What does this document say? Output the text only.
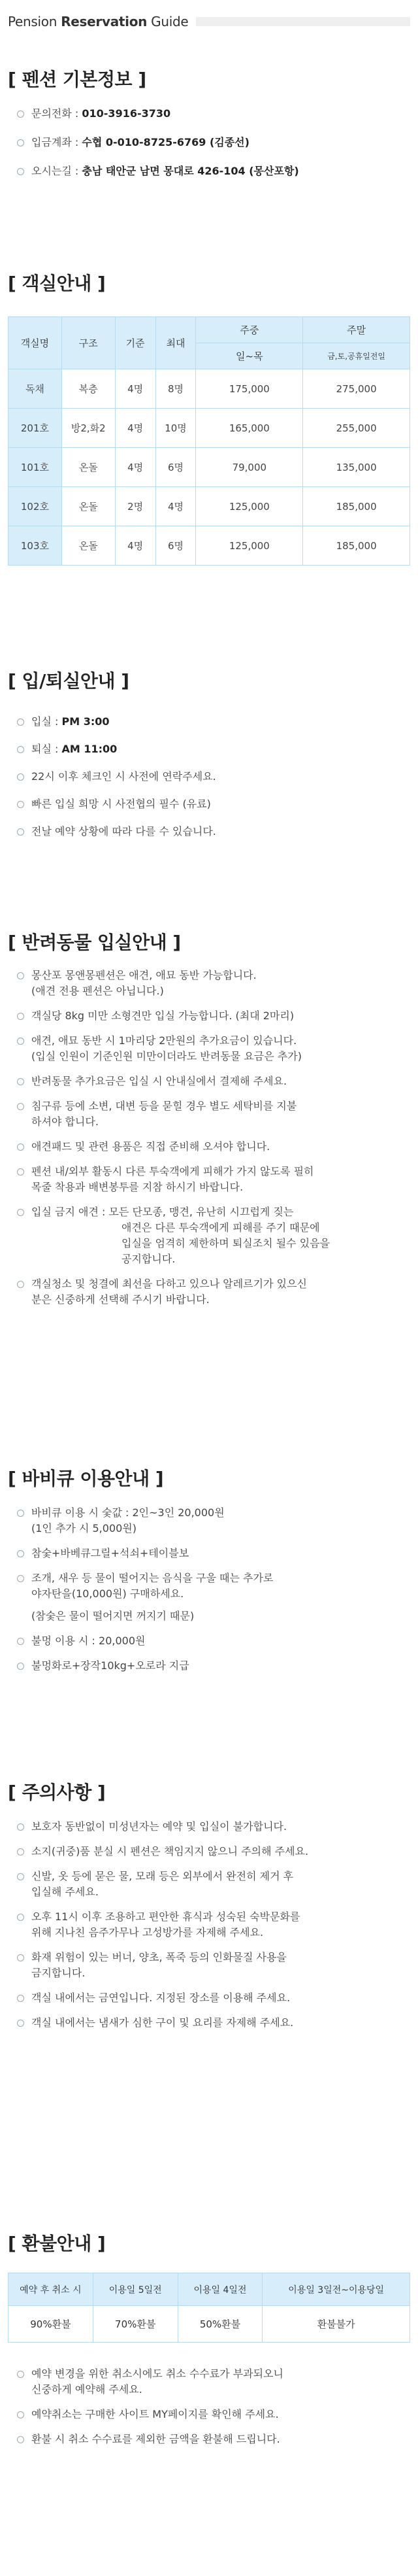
Pension Reservation Guide
[ 펜션 기본정보 ]
문의전화 : 010-3916-3730
입금계좌 : 수협 0-010-8725-6769 (김종선)
오시는길 : 충남 태안군 남면 몽대로 426-104 (몽산포항)
[ 객실안내 ]
객실명	구조	기준	최대	주중	주말
				일~목	금,토,공휴일전일
독채	복층	4명	8명	175,000	275,000
201호	방2,화2	4명	10명	165,000	255,000
101호	온돌	4명	6명	79,000	135,000
102호	온돌	2명	4명	125,000	185,000
103호	온돌	4명	6명	125,000	185,000
[ 입/퇴실안내 ]
입실 : PM 3:00
퇴실 : AM 11:00
22시 이후 체크인 시 사전에 연락주세요.
빠른 입실 희망 시 사전협의 필수 (유료)
전날 예약 상황에 따라 다를 수 있습니다.
[ 반려동물 입실안내 ]
몽산포 몽앤몽펜션은 애견, 애묘 동반 가능합니다.
(애견 전용 펜션은 아닙니다.)
객실당 8kg 미만 소형견만 입실 가능합니다. (최대 2마리)
애견, 애묘 동반 시 1마리당 2만원의 추가요금이 있습니다.
(입실 인원이 기준인원 미만이더라도 반려동물 요금은 추가)
반려동물 추가요금은 입실 시 안내실에서 결제해 주세요.
침구류 등에 소변, 대변 등을 묻힐 경우 별도 세탁비를 지불
하셔야 합니다.
애견패드 및 관련 용품은 직접 준비해 오셔야 합니다.
펜션 내/외부 활동시 다른 투숙객에게 피해가 가지 않도록 필히
목줄 착용과 배변봉투를 지참 하시기 바랍니다.
입실 금지 애견 : 모든 단모종, 맹견, 유난히 시끄럽게 짖는
애견은 다른 투숙객에게 피해를 주기 때문에
입실을 엄격히 제한하며 퇴실조치 될수 있음을
공지합니다.
객실청소 및 청결에 최선을 다하고 있으나 알레르기가 있으신
분은 신중하게 선택해 주시기 바랍니다.
[ 바비큐 이용안내 ]
바비큐 이용 시 숯값 : 2인~3인 20,000원
(1인 추가 시 5,000원)
참숯+바베큐그릴+석쇠+테이블보
조개, 새우 등 물이 떨어지는 음식을 구울 때는 추가로
야자탄을(10,000원) 구매하세요.
(참숯은 물이 떨어지면 꺼지기 때문)
불멍 이용 시 : 20,000원
불멍화로+장작10kg+오로라 지급
[ 주의사항 ]
보호자 동반없이 미성년자는 예약 및 입실이 불가합니다.
소지(귀중)품 분실 시 펜션은 책임지지 않으니 주의해 주세요.
신발, 옷 등에 묻은 물, 모래 등은 외부에서 완전히 제거 후
입실해 주세요.
오후 11시 이후 조용하고 편안한 휴식과 성숙된 숙박문화를
위해 지나친 음주가무나 고성방가를 자제해 주세요.
화재 위험이 있는 버너, 양초, 폭죽 등의 인화물질 사용을
금지합니다.
객실 내에서는 금연입니다. 지정된 장소를 이용해 주세요.
객실 내에서는 냄새가 심한 구이 및 요리를 자제해 주세요.
[ 환불안내 ]
예약 후 취소 시	이용일 5일전	이용일 4일전	이용일 3일전~이용당일
90%환불	70%환불	50%환불	환불불가
예약 변경을 위한 취소시에도 취소 수수료가 부과되오니
신중하게 예약해 주세요.
예약취소는 구매한 사이트 MY페이지를 확인해 주세요.
환불 시 취소 수수료를 제외한 금액을 환불해 드립니다.
